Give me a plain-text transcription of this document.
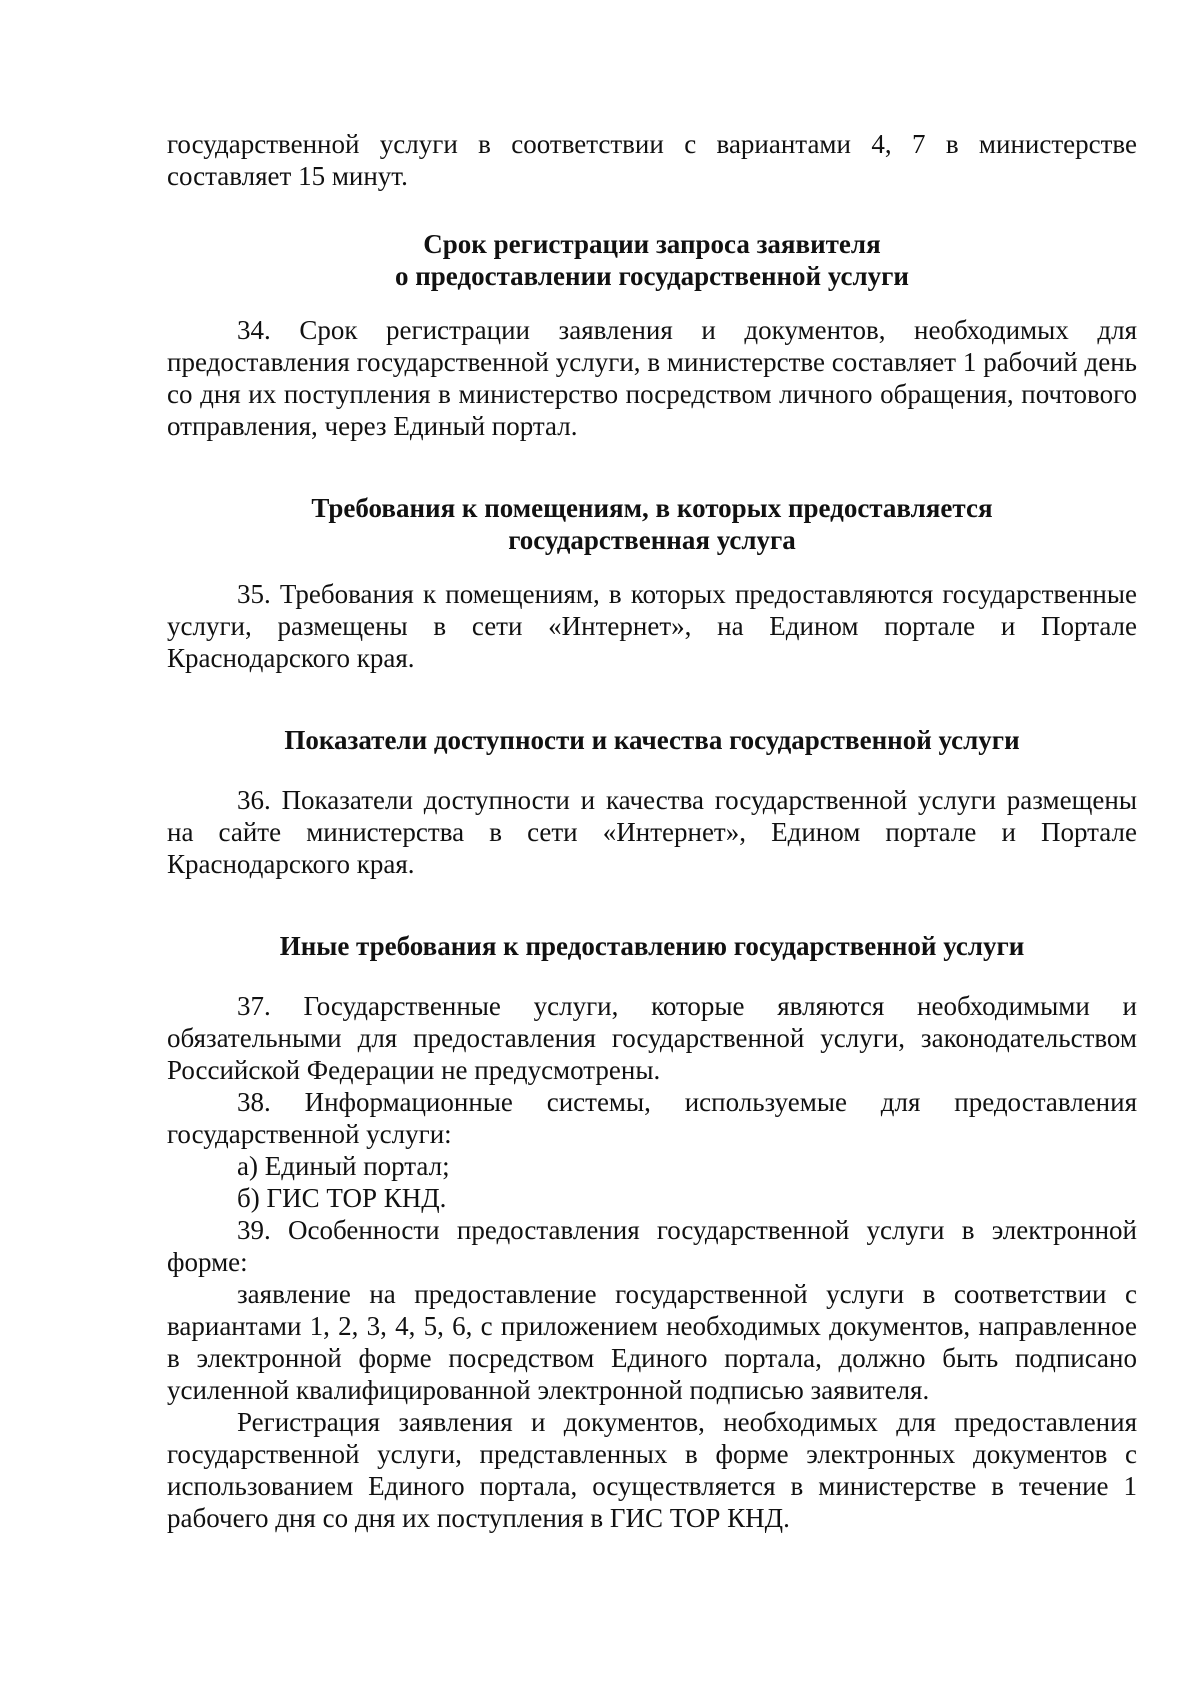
государственной услуги в соответствии с вариантами 4, 7 в министерстве составляет 15 минут.

Срок регистрации запроса заявителя
о предоставлении государственной услуги

34. Срок регистрации заявления и документов, необходимых для предоставления государственной услуги, в министерстве составляет 1 рабочий день со дня их поступления в министерство посредством личного обращения, почтового отправления, через Единый портал.

Требования к помещениям, в которых предоставляется
государственная услуга

35. Требования к помещениям, в которых предоставляются государственные услуги, размещены в сети «Интернет», на Едином портале и Портале Краснодарского края.

Показатели доступности и качества государственной услуги

36. Показатели доступности и качества государственной услуги размещены на сайте министерства в сети «Интернет», Едином портале и Портале Краснодарского края.

Иные требования к предоставлению государственной услуги

37. Государственные услуги, которые являются необходимыми и обязательными для предоставления государственной услуги, законодательством Российской Федерации не предусмотрены.

38. Информационные системы, используемые для предоставления государственной услуги:

а) Единый портал;

б) ГИС ТОР КНД.

39. Особенности предоставления государственной услуги в электронной форме:

заявление на предоставление государственной услуги в соответствии с вариантами 1, 2, 3, 4, 5, 6, с приложением необходимых документов, направленное в электронной форме посредством Единого портала, должно быть подписано усиленной квалифицированной электронной подписью заявителя.

Регистрация заявления и документов, необходимых для предоставления государственной услуги, представленных в форме электронных документов с использованием Единого портала, осуществляется в министерстве в течение 1 рабочего дня со дня их поступления в ГИС ТОР КНД.
